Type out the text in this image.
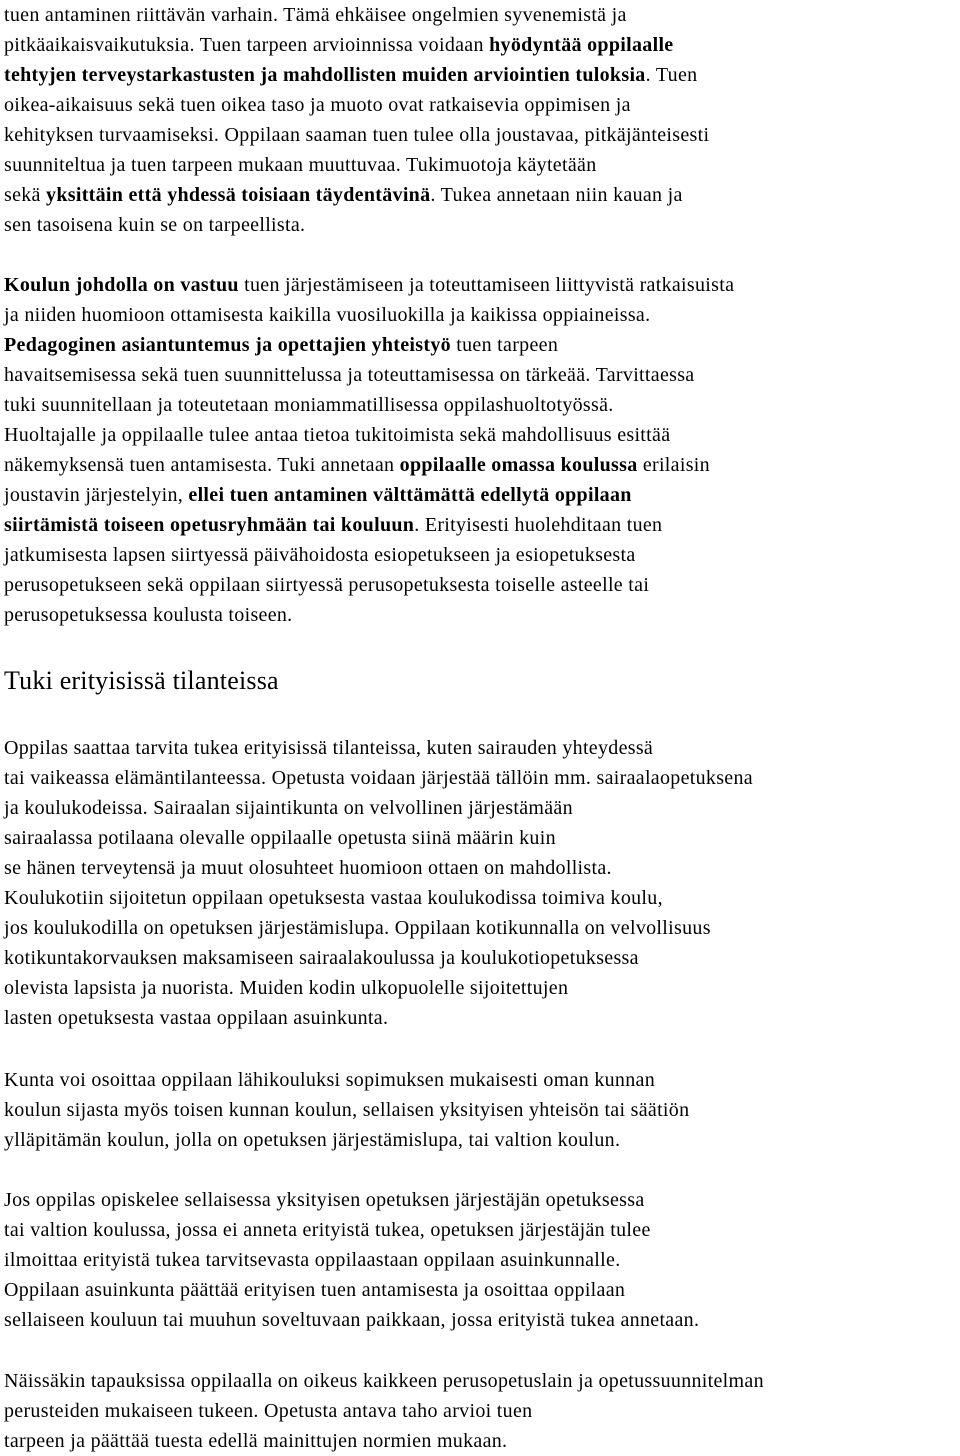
tuen antaminen riittävän varhain. Tämä ehkäisee ongelmien syvenemistä ja
pitkäaikaisvaikutuksia. Tuen tarpeen arvioinnissa voidaan hyödyntää oppilaalle
tehtyjen terveystarkastusten ja mahdollisten muiden arviointien tuloksia. Tuen
oikea-aikaisuus sekä tuen oikea taso ja muoto ovat ratkaisevia oppimisen ja
kehityksen turvaamiseksi. Oppilaan saaman tuen tulee olla joustavaa, pitkäjänteisesti
suunniteltua ja tuen tarpeen mukaan muuttuvaa. Tukimuotoja käytetään
sekä yksittäin että yhdessä toisiaan täydentävinä. Tukea annetaan niin kauan ja
sen tasoisena kuin se on tarpeellista.
Koulun johdolla on vastuu tuen järjestämiseen ja toteuttamiseen liittyvistä ratkaisuista
ja niiden huomioon ottamisesta kaikilla vuosiluokilla ja kaikissa oppiaineissa.
Pedagoginen asiantuntemus ja opettajien yhteistyö tuen tarpeen
havaitsemisessa sekä tuen suunnittelussa ja toteuttamisessa on tärkeää. Tarvittaessa
tuki suunnitellaan ja toteutetaan moniammatillisessa oppilashuoltotyössä.
Huoltajalle ja oppilaalle tulee antaa tietoa tukitoimista sekä mahdollisuus esittää
näkemyksensä tuen antamisesta. Tuki annetaan oppilaalle omassa koulussa erilaisin
joustavin järjestelyin, ellei tuen antaminen välttämättä edellytä oppilaan
siirtämistä toiseen opetusryhmään tai kouluun. Erityisesti huolehditaan tuen
jatkumisesta lapsen siirtyessä päivähoidosta esiopetukseen ja esiopetuksesta
perusopetukseen sekä oppilaan siirtyessä perusopetuksesta toiselle asteelle tai
perusopetuksessa koulusta toiseen.
Tuki erityisissä tilanteissa
Oppilas saattaa tarvita tukea erityisissä tilanteissa, kuten sairauden yhteydessä
tai vaikeassa elämäntilanteessa. Opetusta voidaan järjestää tällöin mm. sairaalaopetuksena
ja koulukodeissa. Sairaalan sijaintikunta on velvollinen järjestämään
sairaalassa potilaana olevalle oppilaalle opetusta siinä määrin kuin
se hänen terveytensä ja muut olosuhteet huomioon ottaen on mahdollista.
Koulukotiin sijoitetun oppilaan opetuksesta vastaa koulukodissa toimiva koulu,
jos koulukodilla on opetuksen järjestämislupa. Oppilaan kotikunnalla on velvollisuus
kotikuntakorvauksen maksamiseen sairaalakoulussa ja koulukotiopetuksessa
olevista lapsista ja nuorista. Muiden kodin ulkopuolelle sijoitettujen
lasten opetuksesta vastaa oppilaan asuinkunta.
Kunta voi osoittaa oppilaan lähikouluksi sopimuksen mukaisesti oman kunnan
koulun sijasta myös toisen kunnan koulun, sellaisen yksityisen yhteisön tai säätiön
ylläpitämän koulun, jolla on opetuksen järjestämislupa, tai valtion koulun.
Jos oppilas opiskelee sellaisessa yksityisen opetuksen järjestäjän opetuksessa
tai valtion koulussa, jossa ei anneta erityistä tukea, opetuksen järjestäjän tulee
ilmoittaa erityistä tukea tarvitsevasta oppilaastaan oppilaan asuinkunnalle.
Oppilaan asuinkunta päättää erityisen tuen antamisesta ja osoittaa oppilaan
sellaiseen kouluun tai muuhun soveltuvaan paikkaan, jossa erityistä tukea annetaan.
Näissäkin tapauksissa oppilaalla on oikeus kaikkeen perusopetuslain ja opetussuunnitelman
perusteiden mukaiseen tukeen. Opetusta antava taho arvioi tuen
tarpeen ja päättää tuesta edellä mainittujen normien mukaan.
